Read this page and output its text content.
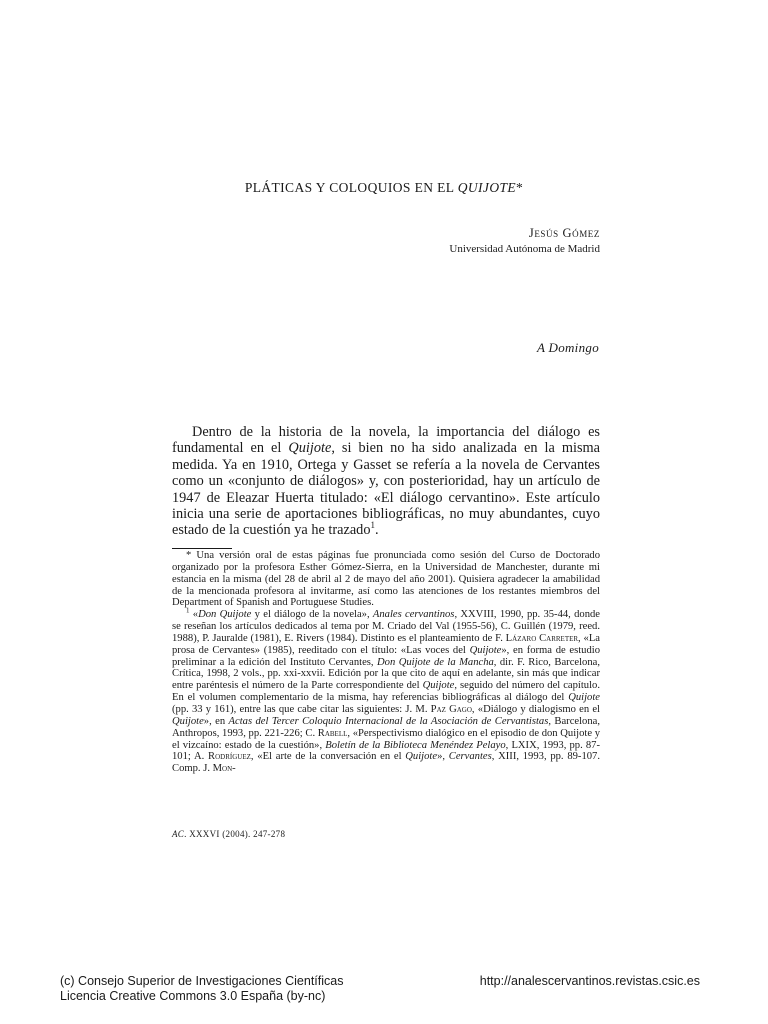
PLÁTICAS Y COLOQUIOS EN EL QUIJOTE*
Jesús Gómez
Universidad Autónoma de Madrid
A Domingo

Dentro de la historia de la novela, la importancia del diálogo es fundamental en el Quijote, si bien no ha sido analizada en la misma medida. Ya en 1910, Ortega y Gasset se refería a la novela de Cervantes como un «conjunto de diálogos» y, con posterioridad, hay un artículo de 1947 de Eleazar Huerta titulado: «El diálogo cervantino». Este artículo inicia una serie de aportaciones bibliográficas, no muy abundantes, cuyo estado de la cuestión ya he trazado$^1$.

* Una versión oral de estas páginas fue pronunciada como sesión del Curso de Doctorado organizado por la profesora Esther Gómez-Sierra, en la Universidad de Manchester, durante mi estancia en la misma (del 28 de abril al 2 de mayo del año 2001). Quisiera agradecer la amabilidad de la mencionada profesora al invitarme, así como las atenciones de los restantes miembros del Department of Spanish and Portuguese Studies.

$^1$ «Don Quijote y el diálogo de la novela», Anales cervantinos, XXVIII, 1990, pp. 35-44, donde se reseñan los artículos dedicados al tema por M. Criado del Val (1955-56), C. Guillén (1979, reed. 1988), P. Jauralde (1981), E. Rivers (1984). Distinto es el planteamiento de F. Lázaro Carreter, «La prosa de Cervantes» (1985), reeditado con el título: «Las voces del Quijote», en forma de estudio preliminar a la edición del Instituto Cervantes, Don Quijote de la Mancha, dir. F. Rico, Barcelona, Crítica, 1998, 2 vols., pp. xxi-xxvii. Edición por la que cito de aquí en adelante, sin más que indicar entre paréntesis el número de la Parte correspondiente del Quijote, seguido del número del capítulo. En el volumen complementario de la misma, hay referencias bibliográficas al diálogo del Quijote (pp. 33 y 161), entre las que cabe citar las siguientes: J. M. Paz Gago, «Diálogo y dialogismo en el Quijote», en Actas del Tercer Coloquio Internacional de la Asociación de Cervantistas, Barcelona, Anthropos, 1993, pp. 221-226; C. Rabell, «Perspectivismo dialógico en el episodio de don Quijote y el vizcaíno: estado de la cuestión», Boletín de la Biblioteca Menéndez Pelayo, LXIX, 1993, pp. 87-101; A. Rodríguez, «El arte de la conversación en el Quijote», Cervantes, XIII, 1993, pp. 89-107. Comp. J. Mon-

AC. XXXVI (2004). 247-278
(c) Consejo Superior de Investigaciones Científicas
Licencia Creative Commons 3.0 España (by-nc)
http://analescervantinos.revistas.csic.es
